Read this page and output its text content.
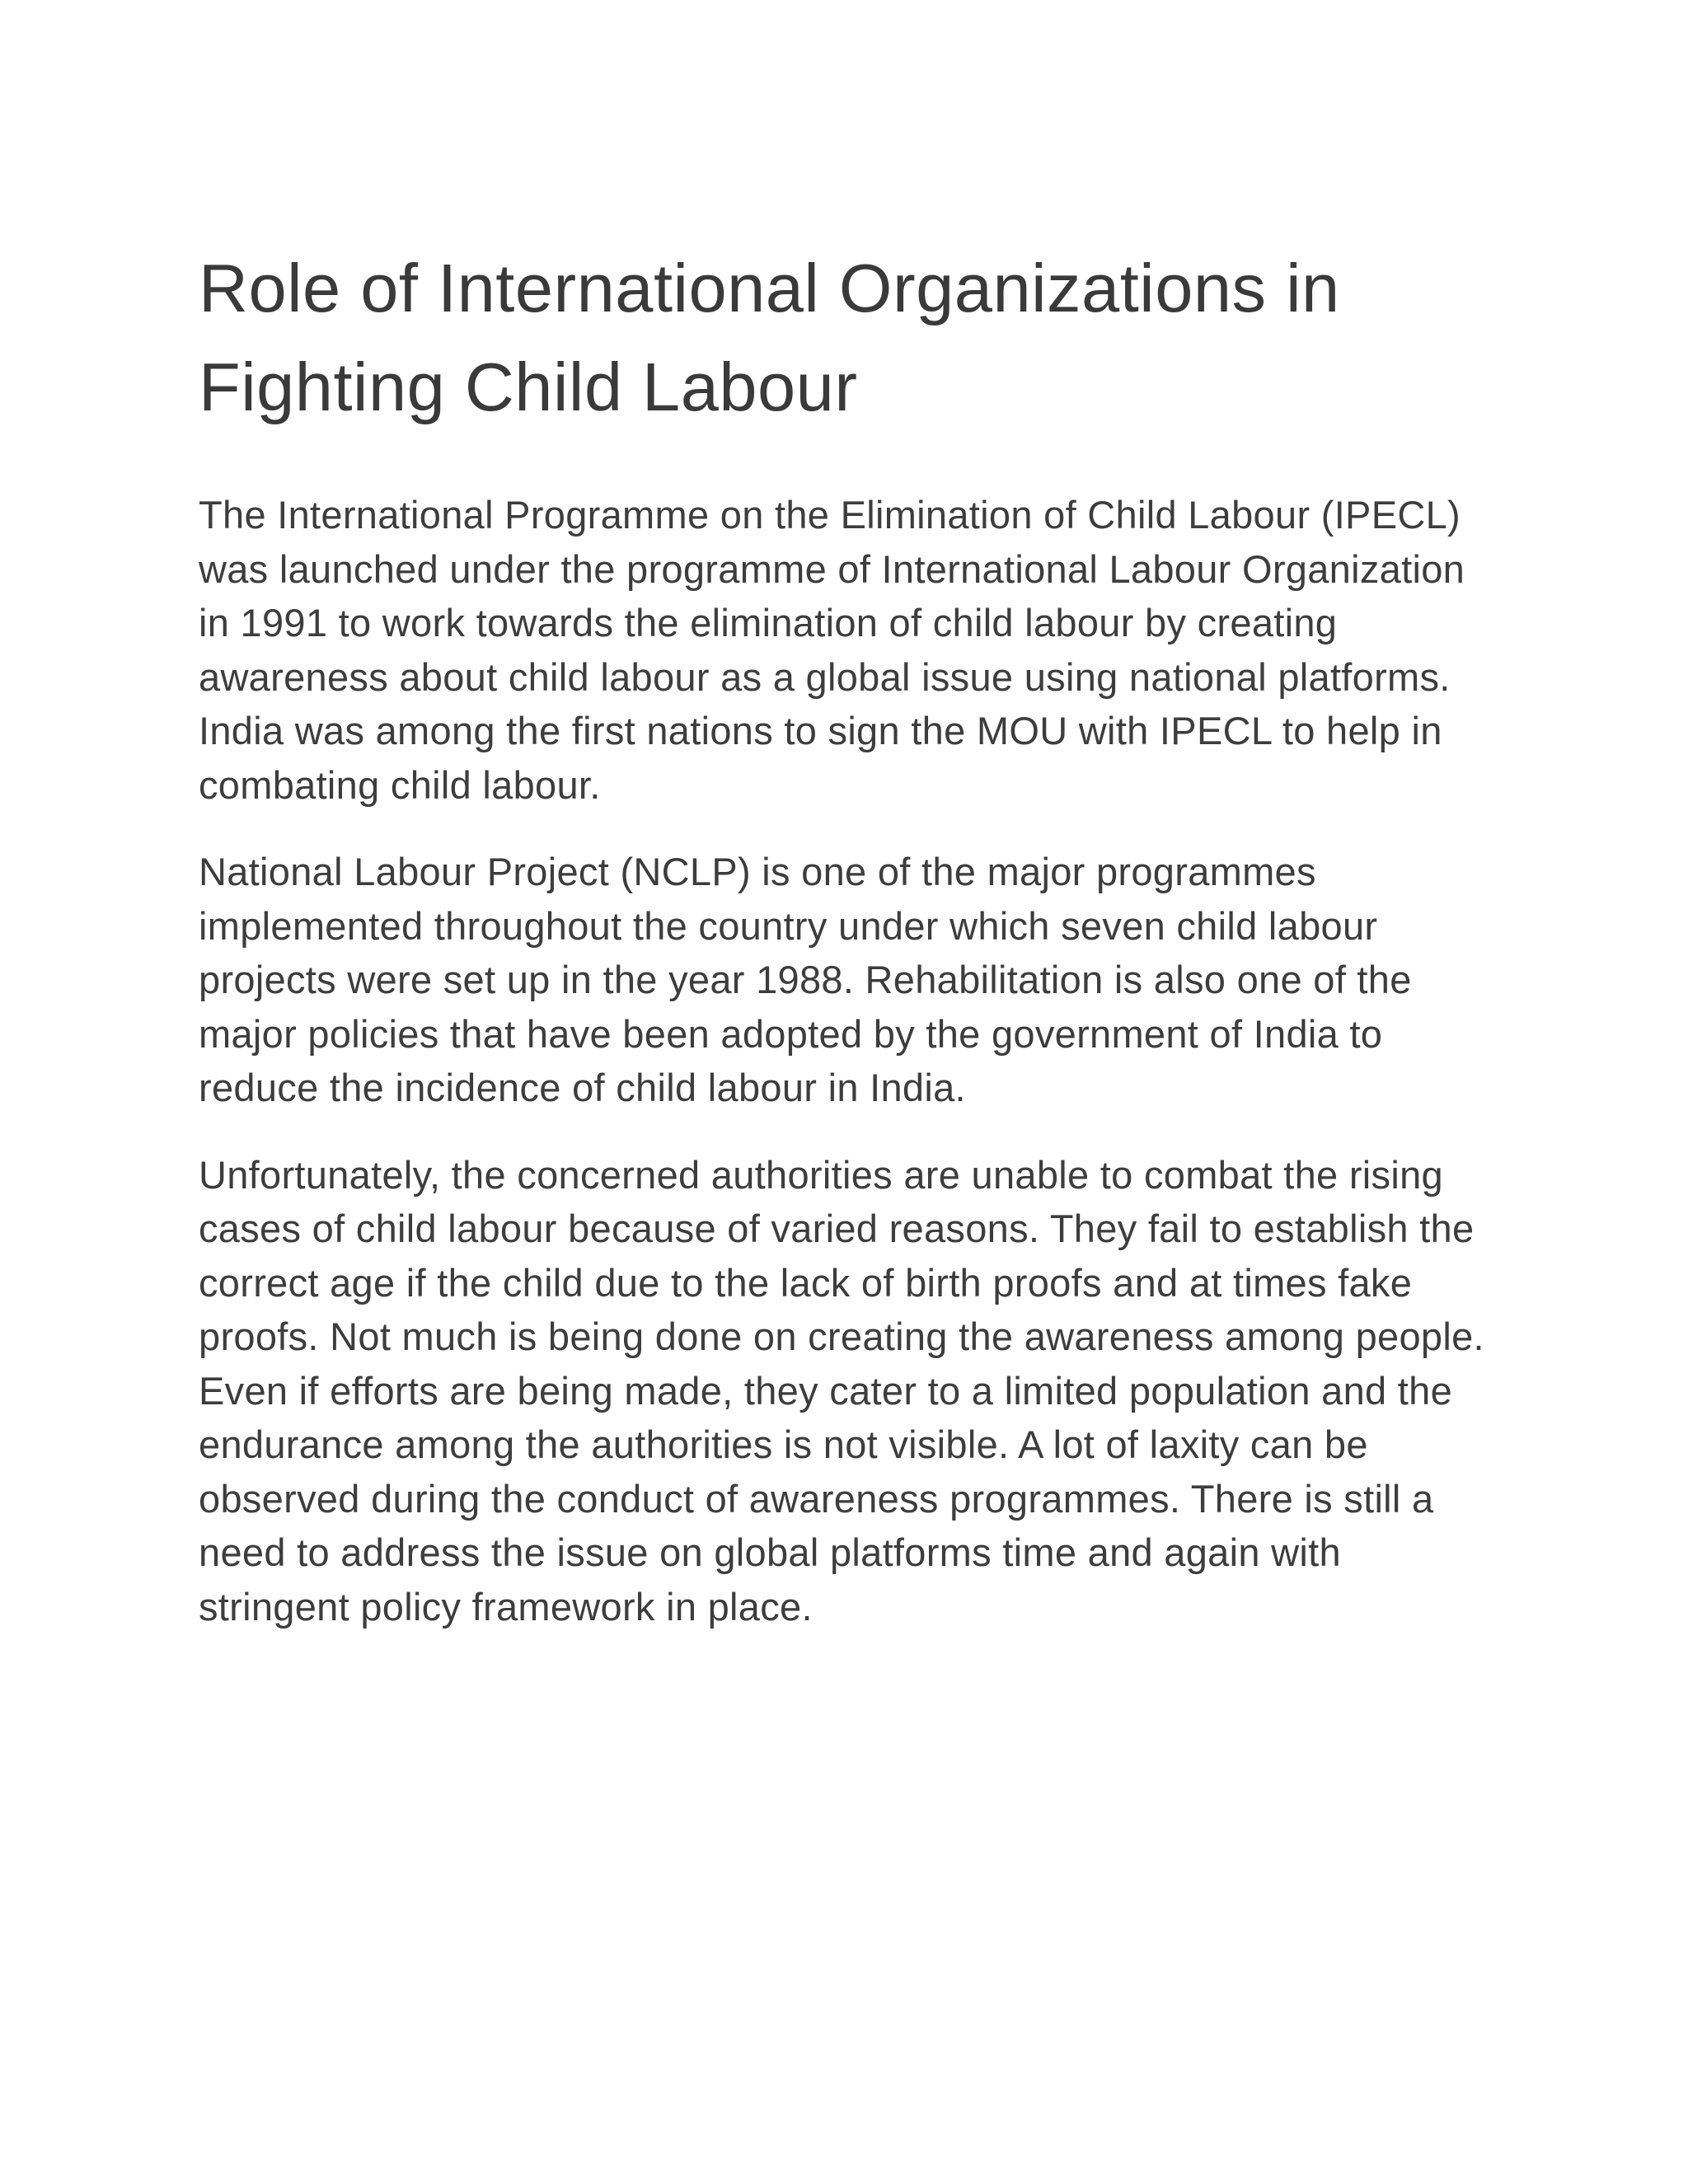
Role of International Organizations in Fighting Child Labour

The International Programme on the Elimination of Child Labour (IPECL) was launched under the programme of International Labour Organization in 1991 to work towards the elimination of child labour by creating awareness about child labour as a global issue using national platforms. India was among the first nations to sign the MOU with IPECL to help in combating child labour.

National Labour Project (NCLP) is one of the major programmes implemented throughout the country under which seven child labour projects were set up in the year 1988. Rehabilitation is also one of the major policies that have been adopted by the government of India to reduce the incidence of child labour in India.

Unfortunately, the concerned authorities are unable to combat the rising cases of child labour because of varied reasons. They fail to establish the correct age if the child due to the lack of birth proofs and at times fake proofs. Not much is being done on creating the awareness among people. Even if efforts are being made, they cater to a limited population and the endurance among the authorities is not visible. A lot of laxity can be observed during the conduct of awareness programmes. There is still a need to address the issue on global platforms time and again with stringent policy framework in place.
